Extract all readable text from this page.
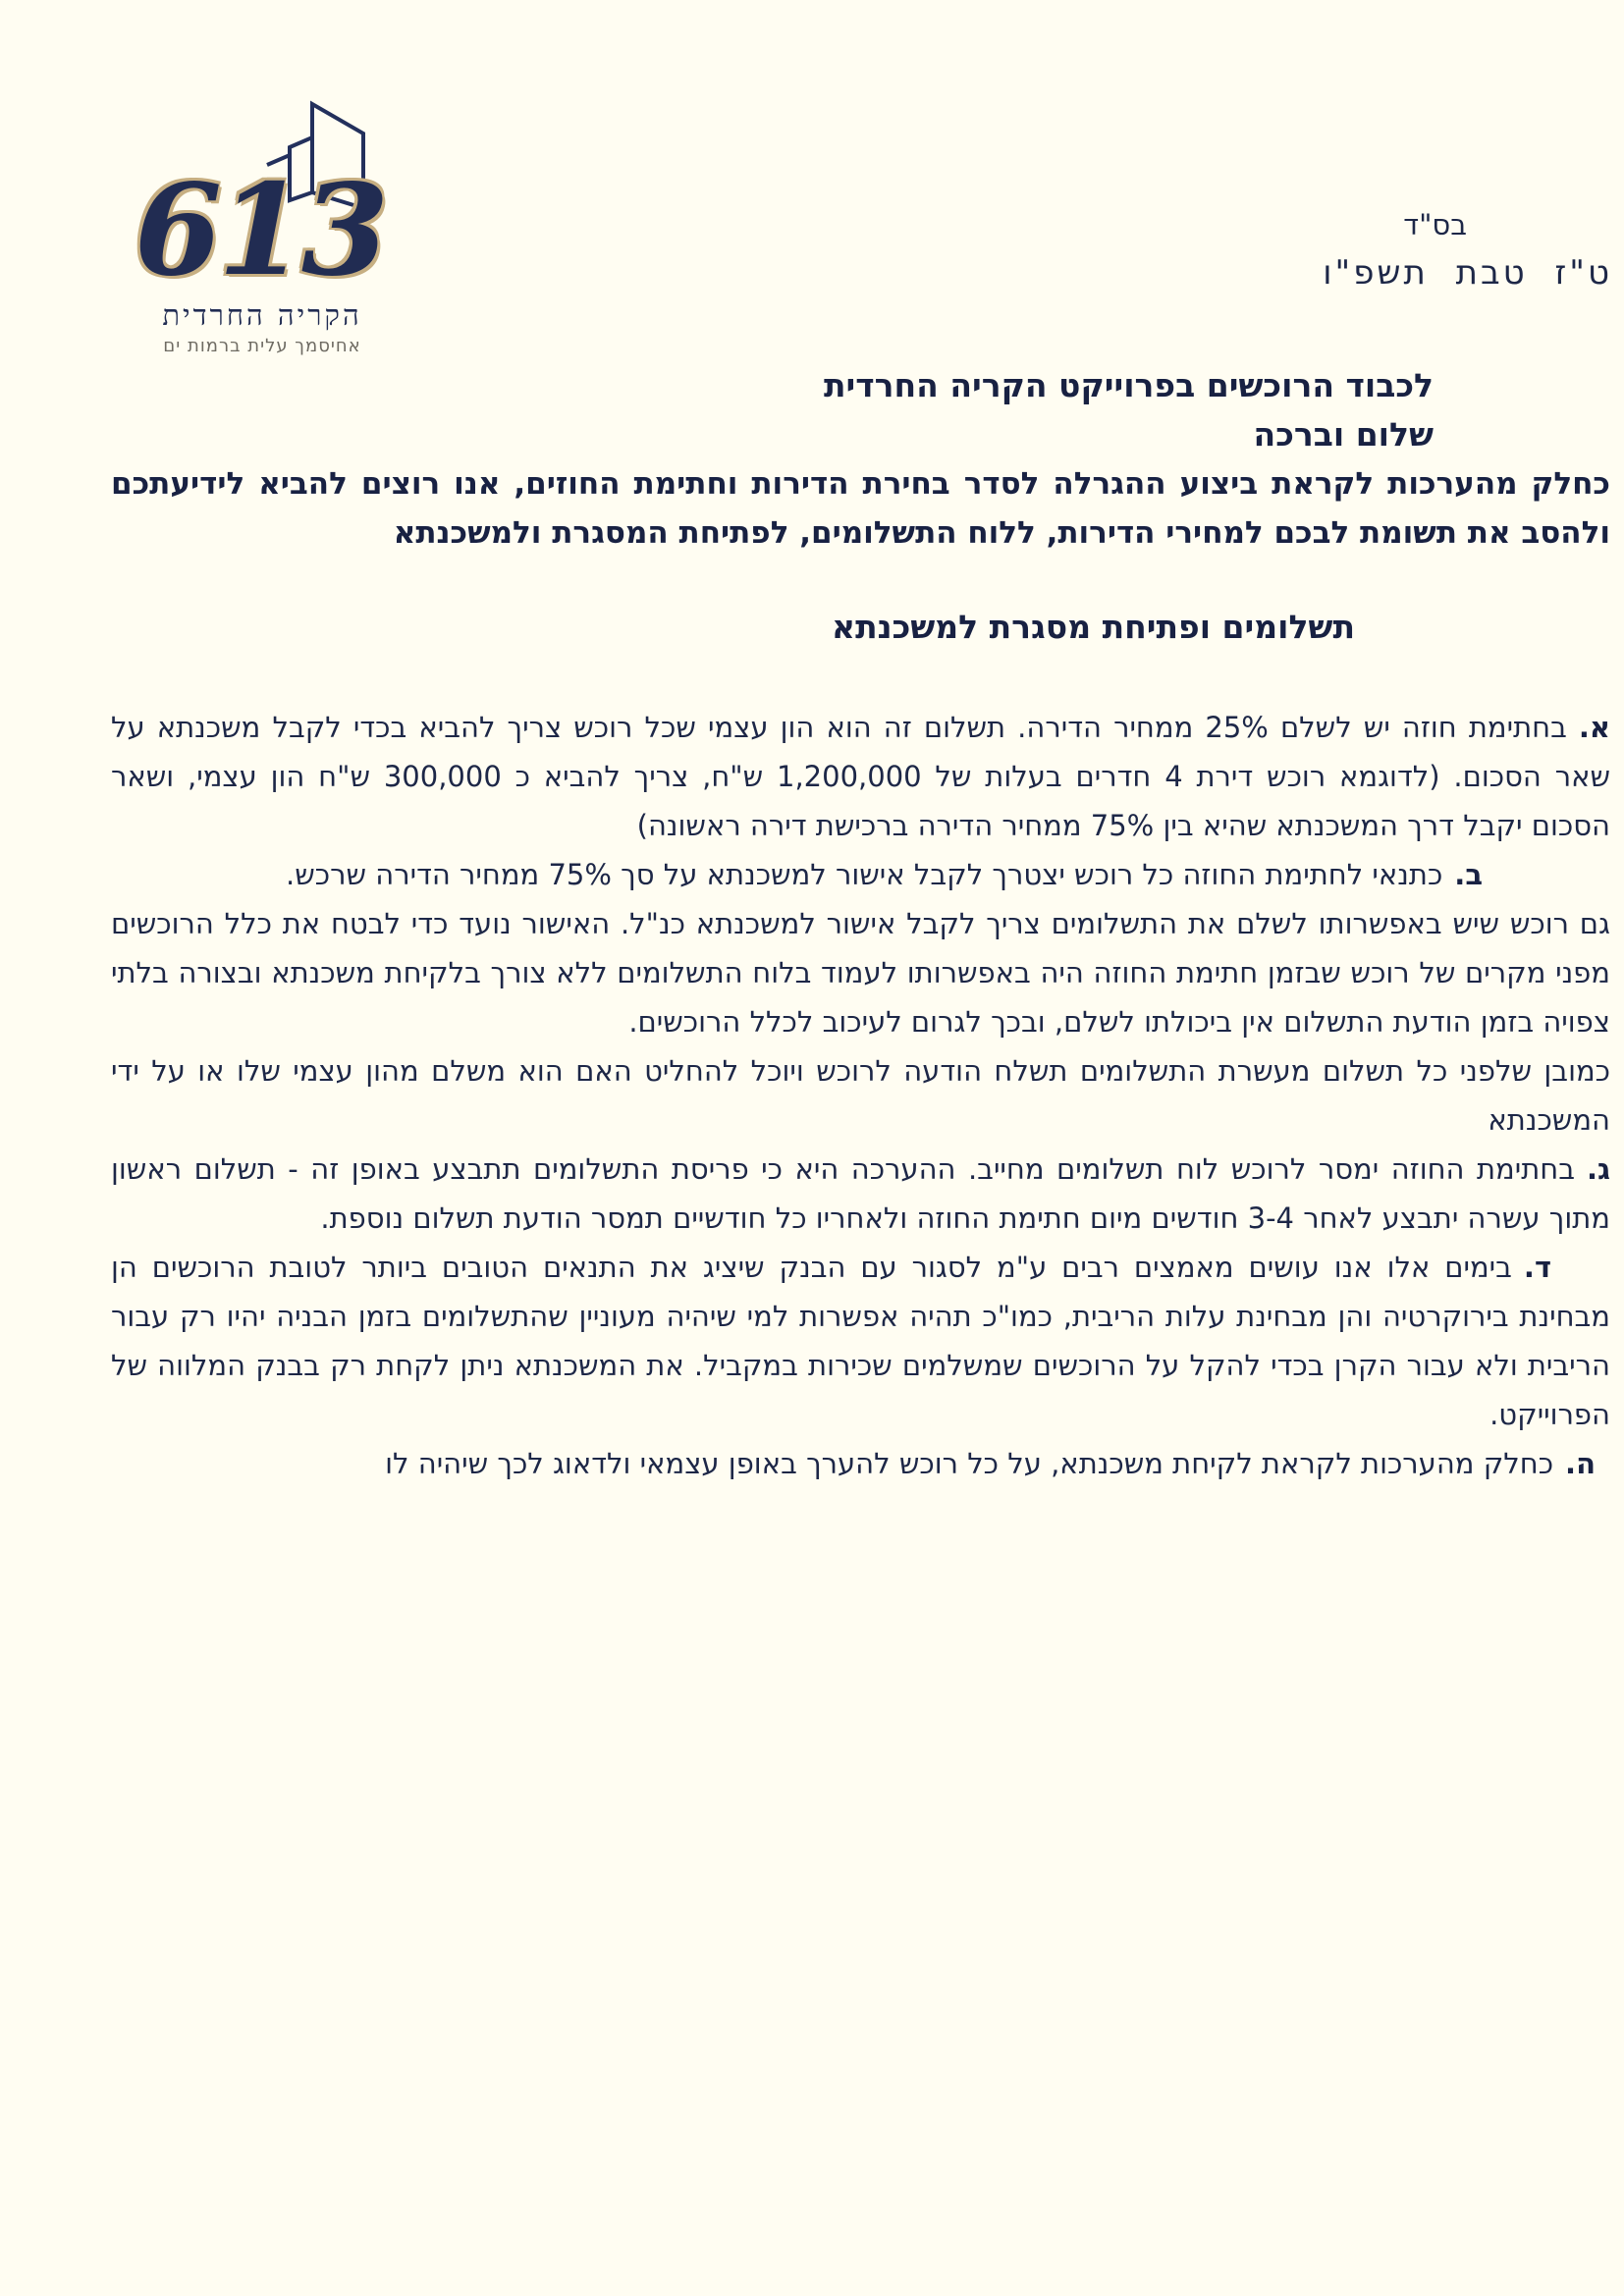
613
הקריה החרדית
אחיסמך עלית ברמות ים
בס"ד
ט"ז טבת תשפ"ו
לכבוד הרוכשים בפרוייקט הקריה החרדית
שלום וברכה
כחלק מהערכות לקראת ביצוע ההגרלה לסדר בחירת הדירות וחתימת החוזים, אנו רוצים להביא לידיעתכם
ולהסב את תשומת לבכם למחירי הדירות, ללוח התשלומים, לפתיחת המסגרת ולמשכנתא
תשלומים ופתיחת מסגרת למשכנתא

א.בחתימת חוזה יש לשלם 25% ממחיר הדירה. תשלום זה הוא הון עצמי שכל רוכש צריך להביא בכדי לקבל משכנתא על שאר הסכום. (לדוגמא רוכש דירת 4 חדרים בעלות של 1,200,000 ש"ח, צריך להביא כ 300,000 ש"ח הון עצמי, ושאר הסכום יקבל דרך המשכנתא שהיא בין 75% ממחיר הדירה ברכישת דירה ראשונה)

ב.כתנאי לחתימת החוזה כל רוכש יצטרך לקבל אישור למשכנתא על סך 75% ממחיר הדירה שרכש.

גם רוכש שיש באפשרותו לשלם את התשלומים צריך לקבל אישור למשכנתא כנ"ל. האישור נועד כדי לבטח את כלל הרוכשים מפני מקרים של רוכש שבזמן חתימת החוזה היה באפשרותו לעמוד בלוח התשלומים ללא צורך בלקיחת משכנתא ובצורה בלתי צפויה בזמן הודעת התשלום אין ביכולתו לשלם, ובכך לגרום לעיכוב לכלל הרוכשים.

כמובן שלפני כל תשלום מעשרת התשלומים תשלח הודעה לרוכש ויוכל להחליט האם הוא משלם מהון עצמי שלו או על ידי המשכנתא

ג.בחתימת החוזה ימסר לרוכש לוח תשלומים מחייב. ההערכה היא כי פריסת התשלומים תתבצע באופן זה - תשלום ראשון מתוך עשרה יתבצע לאחר 3-4 חודשים מיום חתימת החוזה ולאחריו כל חודשיים תמסר הודעת תשלום נוספת.

ד.בימים אלו אנו עושים מאמצים רבים ע"מ לסגור עם הבנק שיציג את התנאים הטובים ביותר לטובת הרוכשים הן מבחינת בירוקרטיה והן מבחינת עלות הריבית, כמו"כ תהיה אפשרות למי שיהיה מעוניין שהתשלומים בזמן הבניה יהיו רק עבור הריבית ולא עבור הקרן בכדי להקל על הרוכשים שמשלמים שכירות במקביל. את המשכנתא ניתן לקחת רק בבנק המלווה של הפרוייקט.

ה.כחלק מהערכות לקראת לקיחת משכנתא, על כל רוכש להערך באופן עצמאי ולדאוג לכך שיהיה לו
